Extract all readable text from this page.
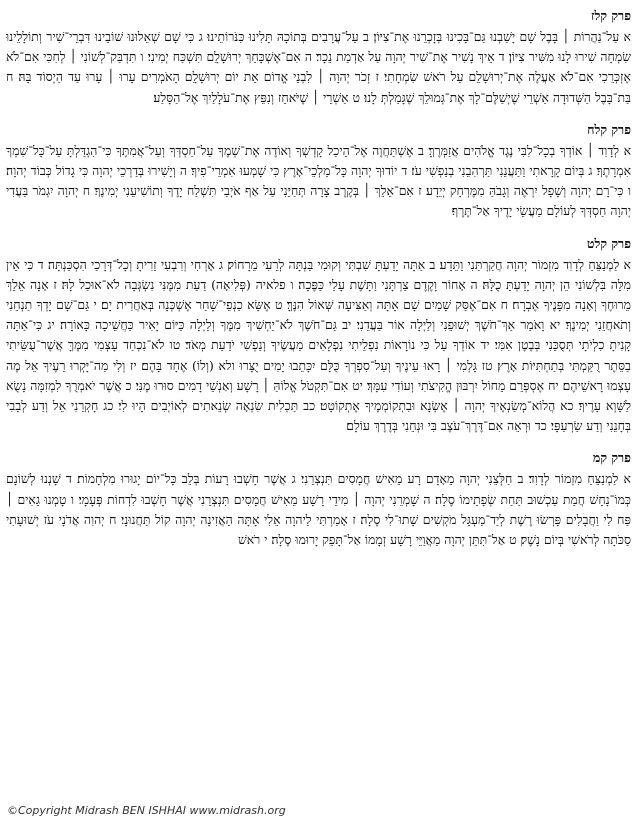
פרק קלז

א עַל־נַהֲרוֹת ׀ בָּבֶל שָׁם יָשַׁבְנוּ גַּם־בָּכִינוּ בְּזָכְרֵנוּ אֶת־צִיּוֹן׃ ב עַל־עֲרָבִים בְּתוֹכָהּ תָּלִינוּ כִּנֹּרוֹתֵינוּ׃ ג כִּי שָׁם שְׁאֵלוּנוּ שׁוֹבֵינוּ דִּבְרֵי־שִׁיר וְתוֹלָלֵינוּ שִׂמְחָה שִׁירוּ לָנוּ מִשִּׁיר צִיּוֹן׃ ד אֵיךְ נָשִׁיר אֶת־שִׁיר יְהוָה עַל אַדְמַת נֵכָר׃ ה אִם־אֶשְׁכָּחֵךְ יְרוּשָׁלִָם תִּשְׁכַּח יְמִינִי׃ ו תִּדְבַּק־לְשׁוֹנִי ׀ לְחִכִּי אִם־לֹא אֶזְכְּרֵכִי אִם־לֹא אַעֲלֶה אֶת־יְרוּשָׁלִַם עַל רֹאשׁ שִׂמְחָתִי׃ ז זְכֹר יְהוָה ׀ לִבְנֵי אֱדוֹם אֵת יוֹם יְרוּשָׁלִָם הָאֹמְרִים עָרוּ ׀ עָרוּ עַד הַיְסוֹד בָּהּ׃ ח בַּת־בָּבֶל הַשְּׁדוּדָה אַשְׁרֵי שֶׁיְשַׁלֶּם־לָךְ אֶת־גְּמוּלֵךְ שֶׁגָּמַלְתְּ לָנוּ׃ ט אַשְׁרֵי ׀ שֶׁיֹּאחֵז וְנִפֵּץ אֶת־עֹלָלַיִךְ אֶל־הַסָּלַע׃

פרק קלח

א לְדָוִד ׀ אוֹדְךָ בְכָל־לִבִּי נֶגֶד אֱלֹהִים אֲזַמְּרֶךָּ׃ ב אֶשְׁתַּחֲוֶה אֶל־הֵיכַל קָדְשְׁךָ וְאוֹדֶה אֶת־שְׁמֶךָ עַל־חַסְדְּךָ וְעַל־אֲמִתֶּךָ כִּי־הִגְדַּלְתָּ עַל־כָּל־שִׁמְךָ אִמְרָתֶךָ׃ ג בְּיוֹם קָרָאתִי וַתַּעֲנֵנִי תַּרְהִבֵנִי בְנַפְשִׁי עֹז׃ ד יוֹדוּךָ יְהוָה כָּל־מַלְכֵי־אָרֶץ כִּי שָׁמְעוּ אִמְרֵי־פִיךָ׃ ה וְיָשִׁירוּ בְּדַרְכֵי יְהוָה כִּי גָדוֹל כְּבוֹד יְהוָה׃ ו כִּי־רָם יְהוָה וְשָׁפָל יִרְאֶה וְגָבֹהַּ מִמֶּרְחָק יְיֵדָע׃ ז אִם־אֵלֵךְ ׀ בְּקֶרֶב צָרָה תְּחַיֵּנִי עַל אַף אֹיְבַי תִּשְׁלַח יָדֶךָ וְתוֹשִׁיעֵנִי יְמִינֶךָ׃ ח יְהוָה יִגְמֹר בַּעֲדִי יְהוָה חַסְדְּךָ לְעוֹלָם מַעֲשֵׂי יָדֶיךָ אַל־תֶּרֶף׃

פרק קלט

א לַמְנַצֵּחַ לְדָוִד מִזְמוֹר יְהוָה חֲקַרְתַּנִי וַתֵּדָע׃ ב אַתָּה יָדַעְתָּ שִׁבְתִּי וְקוּמִי בַּנְתָּה לְרֵעִי מֵרָחוֹק׃ ג אָרְחִי וְרִבְעִי זֵרִיתָ וְכָל־דְּרָכַי הִסְכַּנְתָּה׃ ד כִּי אֵין מִלָּה בִּלְשׁוֹנִי הֵן יְהוָה יָדַעְתָּ כֻלָּהּ׃ ה אָחוֹר וָקֶדֶם צַרְתָּנִי וַתָּשֶׁת עָלַי כַּפֶּכָה׃ ו פלאיה (פְּלִיאָה) דַעַת מִמֶּנִּי נִשְׂגְּבָה לֹא־אוּכַל לָהּ׃ ז אָנָה אֵלֵךְ מֵרוּחֶךָ וְאָנָה מִפָּנֶיךָ אֶבְרָח׃ ח אִם־אֶסַּק שָׁמַיִם שָׁם אָתָּה וְאַצִּיעָה שְּׁאוֹל הִנֶּךָּ׃ ט אֶשָּׂא כַנְפֵי־שָׁחַר אֶשְׁכְּנָה בְּאַחֲרִית יָם׃ י גַּם־שָׁם יָדְךָ תַנְחֵנִי וְתֹאחֲזֵנִי יְמִינֶךָ׃ יא וָאֹמַר אַךְ־חֹשֶׁךְ יְשׁוּפֵנִי וְלַיְלָה אוֹר בַּעֲדֵנִי׃ יב גַּם־חֹשֶׁךְ לֹא־יַחְשִׁיךְ מִמֶּךָ וְלַיְלָה כַּיּוֹם יָאִיר כַּחֲשֵׁיכָה כָּאוֹרָה׃ יג כִּי־אַתָּה קָנִיתָ כִלְיֹתָי תְּסֻכֵּנִי בְּבֶטֶן אִמִּי׃ יד אוֹדְךָ עַל כִּי נוֹרָאוֹת נִפְלֵיתִי נִפְלָאִים מַעֲשֶׂיךָ וְנַפְשִׁי יֹדַעַת מְאֹד׃ טו לֹא־נִכְחַד עָצְמִי מִמֶּךָּ אֲשֶׁר־עֻשֵּׂיתִי בַסֵּתֶר רֻקַּמְתִּי בְּתַחְתִּיּוֹת אָרֶץ׃ טז גָּלְמִי ׀ רָאוּ עֵינֶיךָ וְעַל־סִפְרְךָ כֻּלָּם יִכָּתֵבוּ יָמִים יֻצָּרוּ ולא (וְלוֹ) אֶחָד בָּהֶם׃ יז וְלִי מַה־יָּקְרוּ רֵעֶיךָ אֵל מֶה עָצְמוּ רָאשֵׁיהֶם׃ יח אֶסְפְּרֵם מֵחוֹל יִרְבּוּן הֱקִיצֹתִי וְעוֹדִי עִמָּךְ׃ יט אִם־תִּקְטֹל אֱלוֹהַּ ׀ רָשָׁע וְאַנְשֵׁי דָמִים סוּרוּ מֶנִּי׃ כ אֲשֶׁר יֹאמְרֻךָ לִמְזִמָּה נָשֻׂא לַשָּׁוְא עָרֶיךָ׃ כא הֲלוֹא־מְשַׂנְאֶיךָ יְהוָה ׀ אֶשְׂנָא וּבִתְקוֹמְמֶיךָ אֶתְקוֹטָט׃ כב תַּכְלִית שִׂנְאָה שְׂנֵאתִים לְאוֹיְבִים הָיוּ לִי׃ כג חָקְרֵנִי אֵל וְדַע לְבָבִי בְּחָנֵנִי וְדַע שַׂרְעַפָּי׃ כד וּרְאֵה אִם־דֶּרֶךְ־עֹצֶב בִּי וּנְחֵנִי בְּדֶרֶךְ עוֹלָם׃

פרק קמ

א לַמְנַצֵּחַ מִזְמוֹר לְדָוִד׃ ב חַלְּצֵנִי יְהוָה מֵאָדָם רָע מֵאִישׁ חֲמָסִים תִּנְצְרֵנִי׃ ג אֲשֶׁר חָשְׁבוּ רָעוֹת בְּלֵב כָּל־יוֹם יָגוּרוּ מִלְחָמוֹת׃ ד שָׁנְנוּ לְשׁוֹנָם כְּמוֹ־נָחָשׁ חֲמַת עַכְשׁוּב תַּחַת שְׂפָתֵימוֹ סֶלָה׃ ה שָׁמְרֵנִי יְהוָה ׀ מִידֵי רָשָׁע מֵאִישׁ חֲמָסִים תִּנְצְרֵנִי אֲשֶׁר חָשְׁבוּ לִדְחוֹת פְּעָמָי׃ ו טָמְנוּ גֵאִים ׀ פַּח לִי וַחֲבָלִים פָּרְשׂוּ רֶשֶׁת לְיַד־מַעְגָּל מֹקְשִׁים שָׁתוּ־לִי סֶלָה׃ ז אָמַרְתִּי לַיהוָה אֵלִי אָתָּה הַאֲזִינָה יְהוָה קוֹל תַּחֲנוּנָי׃ ח יְהוִה אֲדֹנָי עֹז יְשׁוּעָתִי סַכֹּתָה לְרֹאשִׁי בְּיוֹם נָשֶׁק׃ ט אַל־תִּתֵּן יְהוָה מַאֲוַיֵּי רָשָׁע זְמָמוֹ אַל־תָּפֵק יָרוּמוּ סֶלָה׃ י רֹאשׁ

©Copyright Midrash BEN ISHHAI www.midrash.org
